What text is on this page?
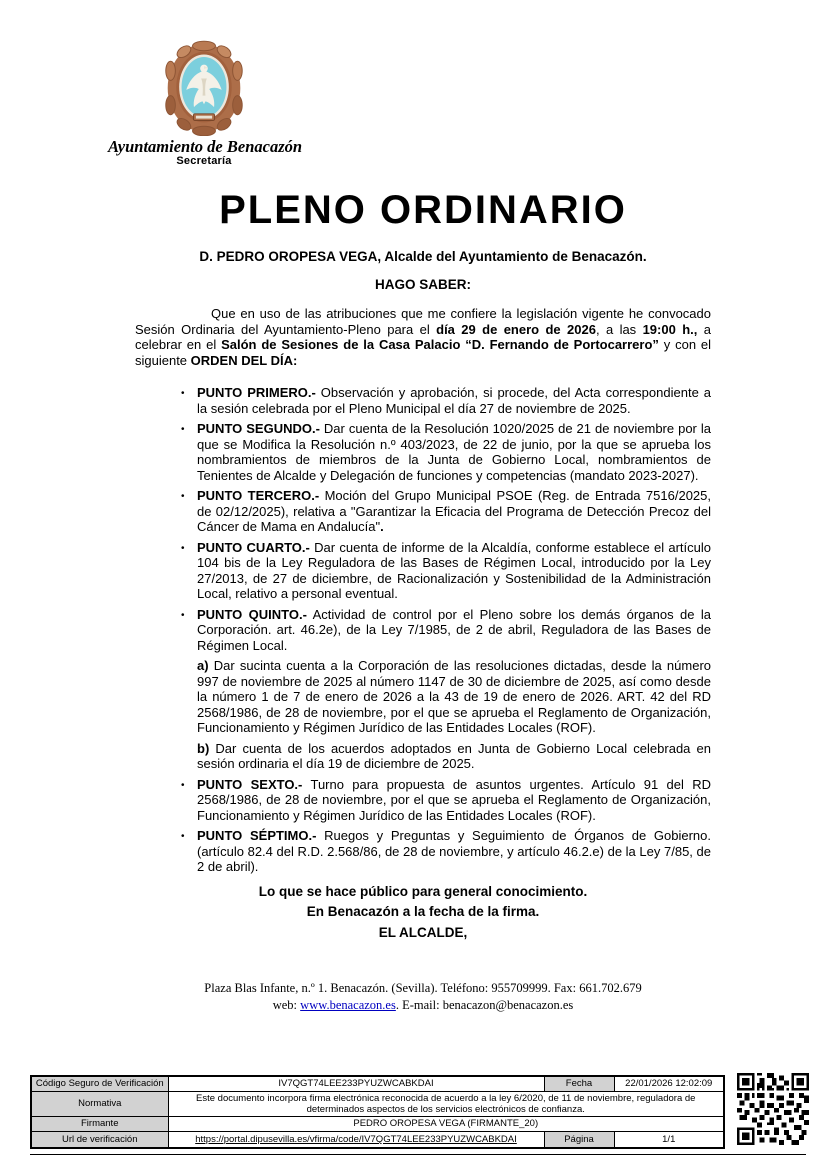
Ayuntamiento de Benacazón
Secretaría
PLENO ORDINARIO
D. PEDRO OROPESA VEGA, Alcalde del Ayuntamiento de Benacazón.
HAGO SABER:

Que en uso de las atribuciones que me confiere la legislación vigente he convocado Sesión Ordinaria del Ayuntamiento-Pleno para el día 29 de enero de 2026, a las 19:00 h., a celebrar en el Salón de Sesiones de la Casa Palacio “D. Fernando de Portocarrero” y con el siguiente ORDEN DEL DÍA:

• PUNTO PRIMERO.- Observación y aprobación, si procede, del Acta correspondiente a la sesión celebrada por el Pleno Municipal el día 27 de noviembre de 2025.
• PUNTO SEGUNDO.- Dar cuenta de la Resolución 1020/2025 de 21 de noviembre por la que se Modifica la Resolución n.º 403/2023, de 22 de junio, por la que se aprueba los nombramientos de miembros de la Junta de Gobierno Local, nombramientos de Tenientes de Alcalde y Delegación de funciones y competencias (mandato 2023-2027).
• PUNTO TERCERO.- Moción del Grupo Municipal PSOE (Reg. de Entrada 7516/2025, de 02/12/2025), relativa a "Garantizar la Eficacia del Programa de Detección Precoz del Cáncer de Mama en Andalucía".
• PUNTO CUARTO.- Dar cuenta de informe de la Alcaldía, conforme establece el artículo 104 bis de la Ley Reguladora de las Bases de Régimen Local, introducido por la Ley 27/2013, de 27 de diciembre, de Racionalización y Sostenibilidad de la Administración Local, relativo a personal eventual.
• PUNTO QUINTO.- Actividad de control por el Pleno sobre los demás órganos de la Corporación. art. 46.2e), de la Ley 7/1985, de 2 de abril, Reguladora de las Bases de Régimen Local.
a) Dar sucinta cuenta a la Corporación de las resoluciones dictadas, desde la número 997 de noviembre de 2025 al número 1147 de 30 de diciembre de 2025, así como desde la número 1 de 7 de enero de 2026 a la 43 de 19 de enero de 2026. ART. 42 del RD 2568/1986, de 28 de noviembre, por el que se aprueba el Reglamento de Organización, Funcionamiento y Régimen Jurídico de las Entidades Locales (ROF).
b) Dar cuenta de los acuerdos adoptados en Junta de Gobierno Local celebrada en sesión ordinaria el día 19 de diciembre de 2025.
• PUNTO SEXTO.- Turno para propuesta de asuntos urgentes. Artículo 91 del RD 2568/1986, de 28 de noviembre, por el que se aprueba el Reglamento de Organización, Funcionamiento y Régimen Jurídico de las Entidades Locales (ROF).
• PUNTO SÉPTIMO.- Ruegos y Preguntas y Seguimiento de Órganos de Gobierno. (artículo 82.4 del R.D. 2.568/86, de 28 de noviembre, y artículo 46.2.e) de la Ley 7/85, de 2 de abril).
Lo que se hace público para general conocimiento.
En Benacazón a la fecha de la firma.
EL ALCALDE,
Plaza Blas Infante, n.º 1. Benacazón. (Sevilla). Teléfono: 955709999. Fax: 661.702.679
web: www.benacazon.es. E-mail: benacazon@benacazon.es
Código Seguro de Verificación	IV7QGT74LEE233PYUZWCABKDAI	Fecha	22/01/2026 12:02:09
Normativa	Este documento incorpora firma electrónica reconocida de acuerdo a la ley 6/2020, de 11 de noviembre, reguladora de determinados aspectos de los servicios electrónicos de confianza.		
Firmante	PEDRO OROPESA VEGA (FIRMANTE_20)		
Url de verificación	https://portal.dipusevilla.es/vfirma/code/IV7QGT74LEE233PYUZWCABKDAI	Página	1/1
